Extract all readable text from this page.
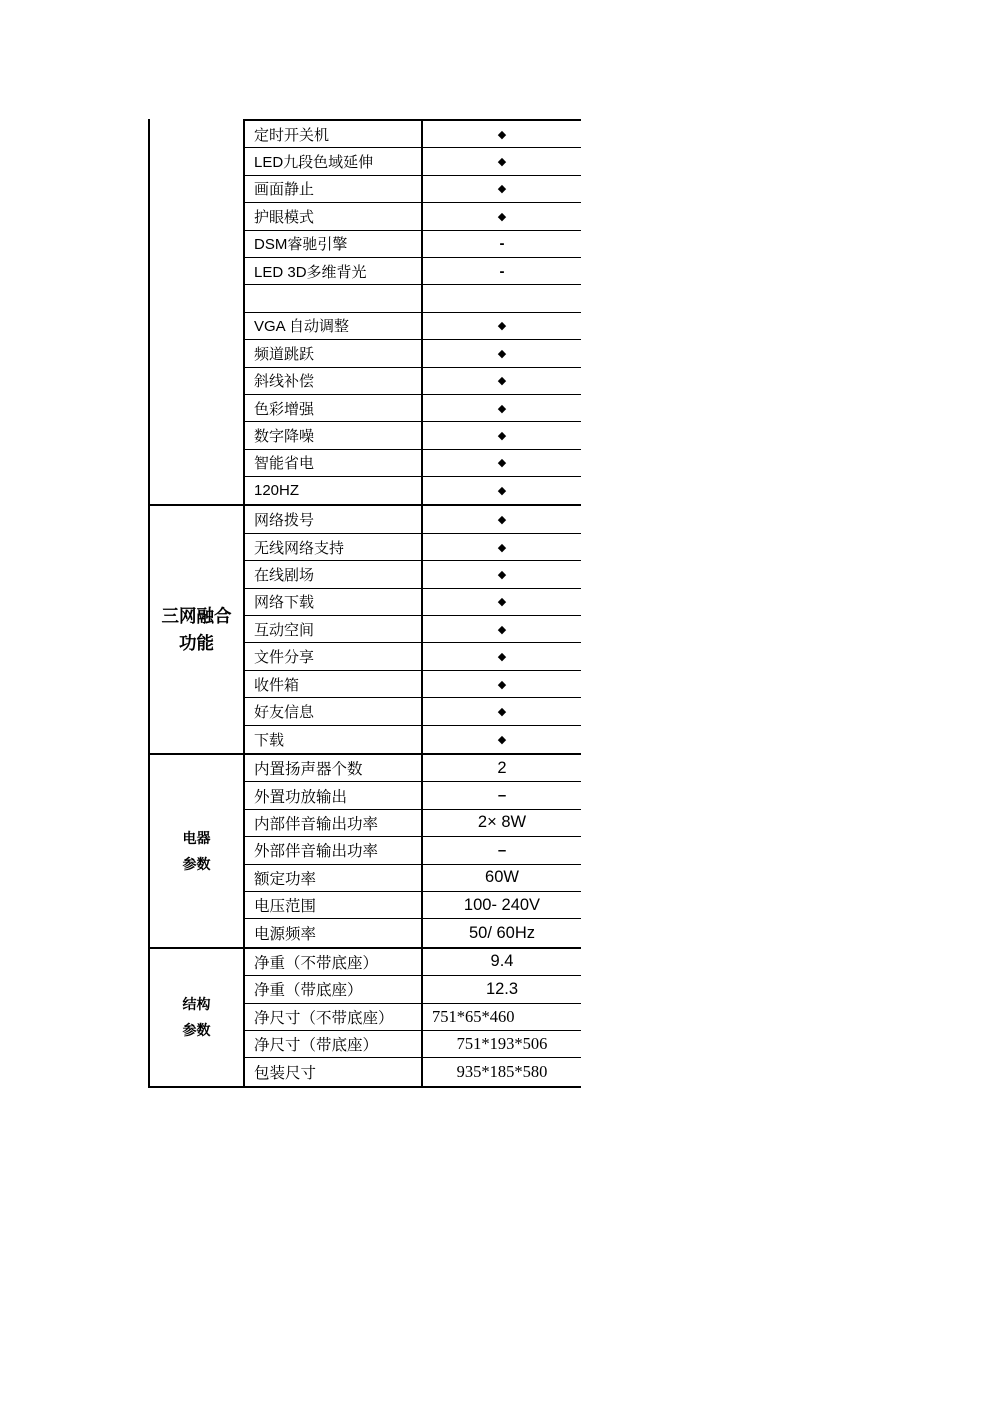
定时开关机	◆
LED九段色域延伸	◆
画面静止	◆
护眼模式	◆
DSM睿驰引擎	-
LED 3D多维背光	-
VGA 自动调整	◆
频道跳跃	◆
斜线补偿	◆
色彩增强	◆
数字降噪	◆
智能省电	◆
120HZ	◆
三网融合
功能
网络拨号	◆
无线网络支持	◆
在线剧场	◆
网络下载	◆
互动空间	◆
文件分享	◆
收件箱	◆
好友信息	◆
下载	◆
电器
参数
内置扬声器个数	2
外置功放输出	–
内部伴音输出功率	2× 8W
外部伴音输出功率	–
额定功率	60W
电压范围	100- 240V
电源频率	50/ 60Hz
结构
参数
净重（不带底座）	9.4
净重（带底座）	12.3
净尺寸（不带底座）	751*65*460
净尺寸（带底座）	751*193*506
包装尺寸	935*185*580
